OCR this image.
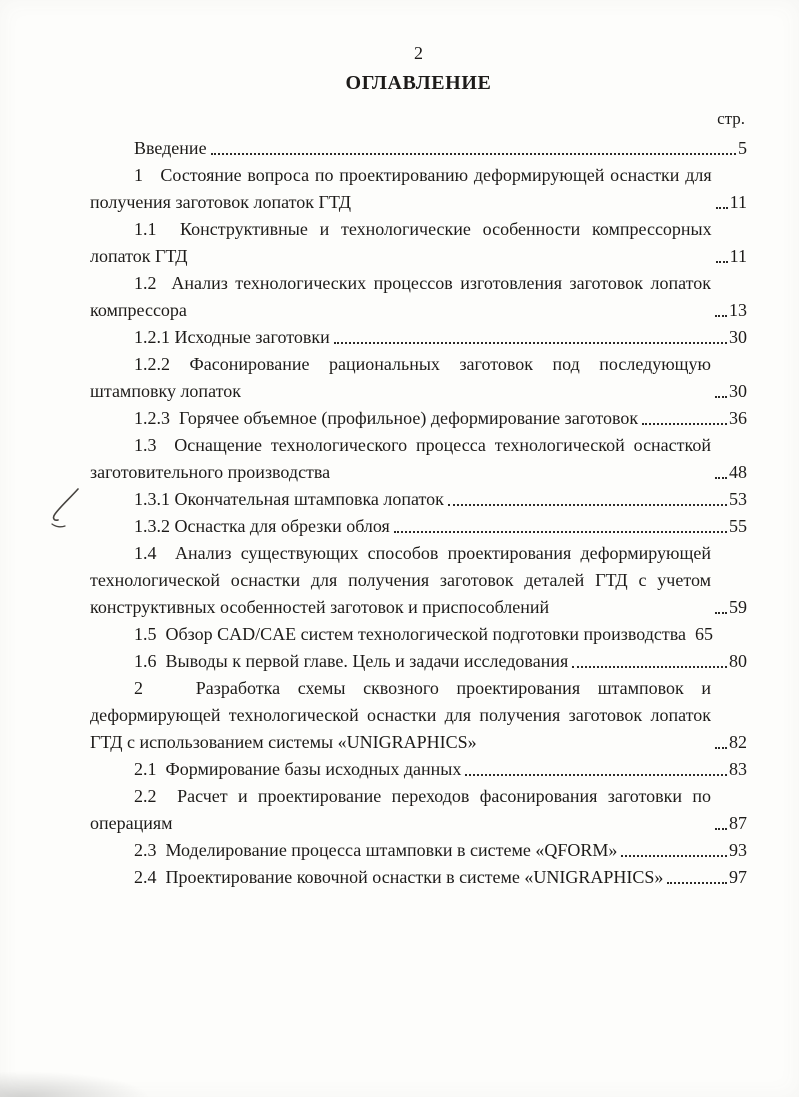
2
ОГЛАВЛЕНИЕ
стр.

Введение	5

1   Состояние вопроса по проектированию деформирующей оснастки для получения заготовок лопаток ГТД	11

1.1  Конструктивные и технологические особенности компрессорных лопаток ГТД	11

1.2  Анализ технологических процессов изготовления заготовок лопаток компрессора	13

1.2.1 Исходные заготовки	30

1.2.2 Фасонирование рациональных заготовок под последующую штамповку лопаток	30

1.2.3  Горячее объемное (профильное) деформирование заготовок	36

1.3  Оснащение технологического процесса технологической оснасткой заготовительного производства	48

1.3.1 Окончательная штамповка лопаток	53

1.3.2 Оснастка для обрезки облоя	55

1.4  Анализ существующих способов проектирования деформирующей технологической оснастки для получения заготовок деталей ГТД с учетом конструктивных особенностей заготовок и приспособлений	59

1.5  Обзор CAD/CAE систем технологической подготовки производства 65

1.6  Выводы к первой главе. Цель и задачи исследования	80

2   Разработка схемы сквозного проектирования штамповок и деформирующей технологической оснастки для получения заготовок лопаток ГТД с использованием системы «UNIGRAPHICS»	82

2.1  Формирование базы исходных данных	83

2.2  Расчет и проектирование переходов фасонирования заготовки по операциям	87

2.3  Моделирование процесса штамповки в системе «QFORM»	93

2.4  Проектирование ковочной оснастки в системе «UNIGRAPHICS»	97
